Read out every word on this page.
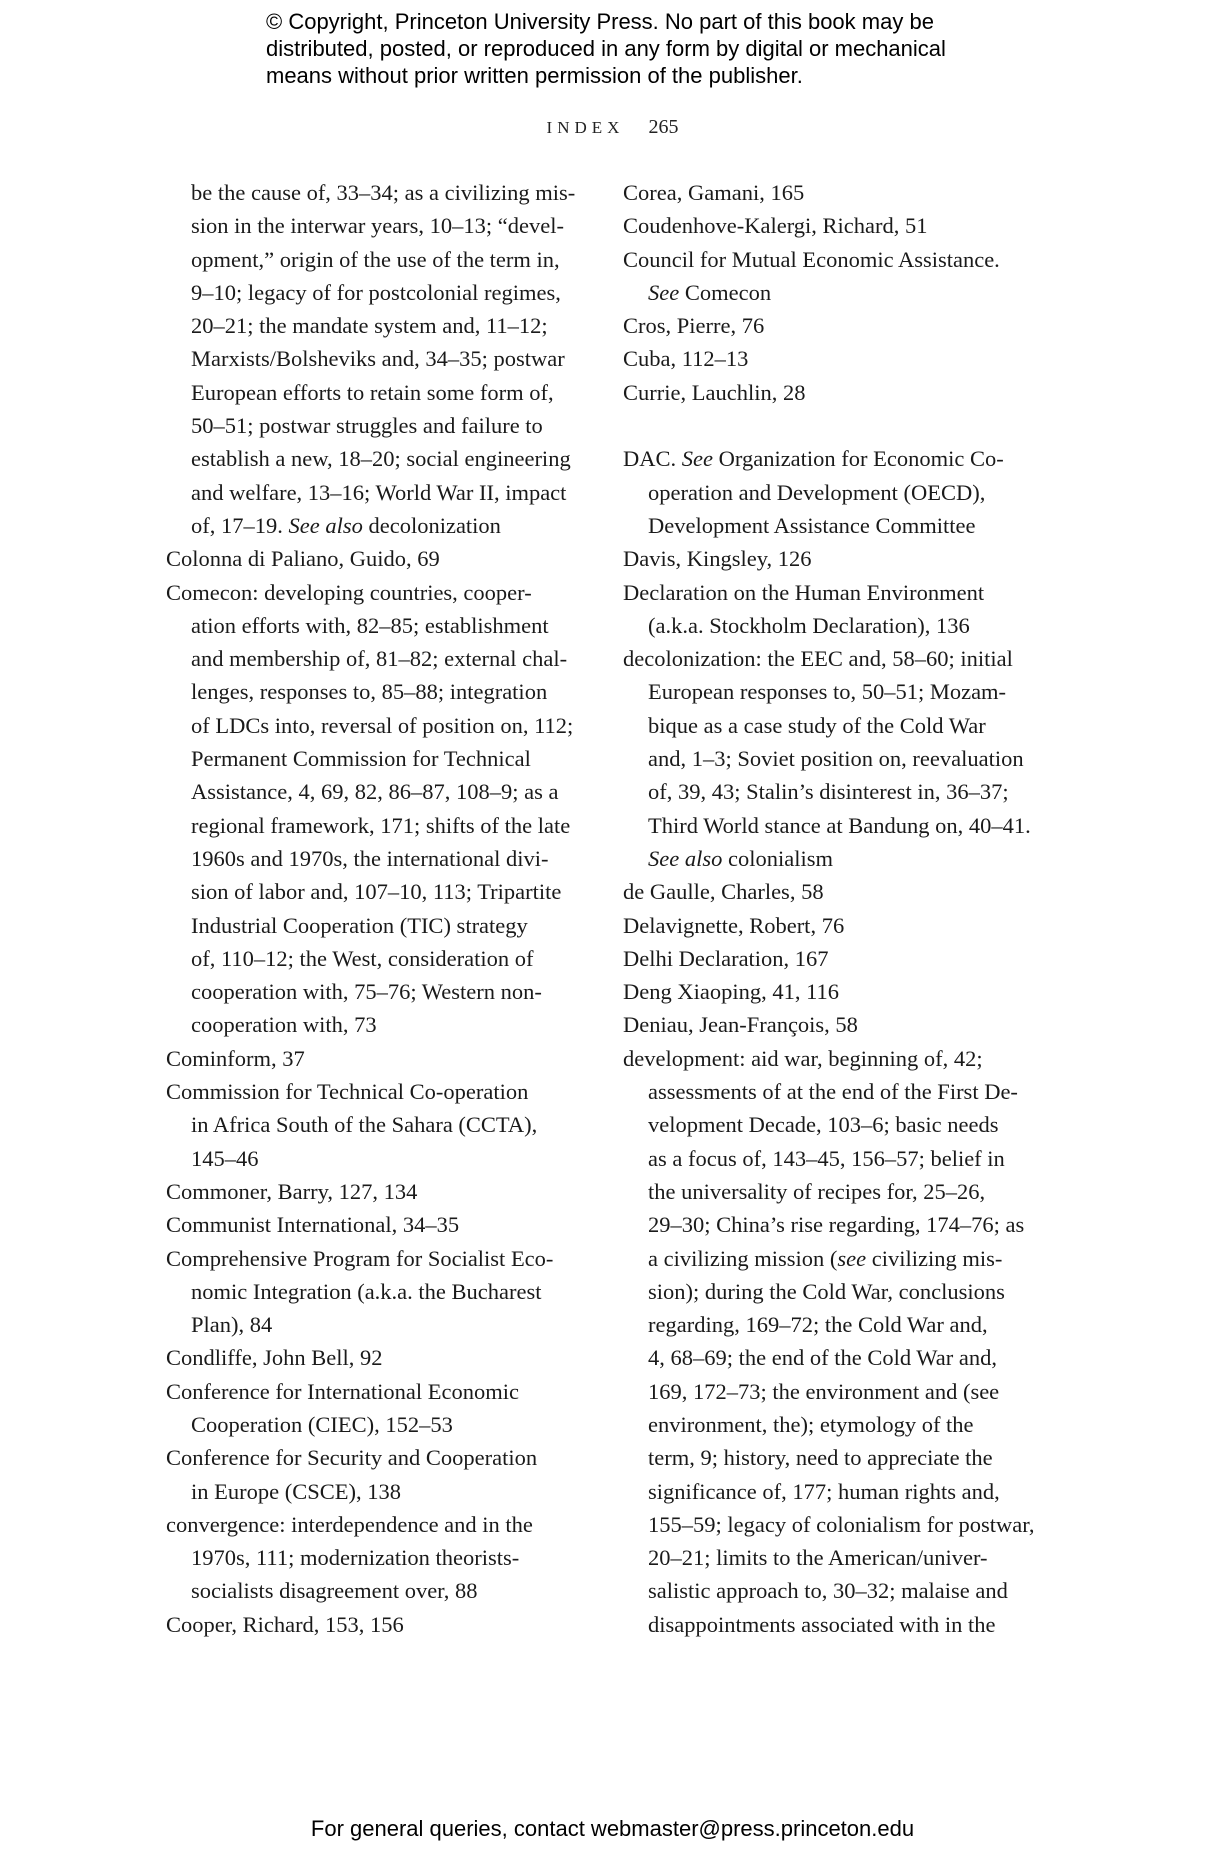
© Copyright, Princeton University Press. No part of this book may be
distributed, posted, or reproduced in any form by digital or mechanical
means without prior written permission of the publisher.
INDEX 265
be the cause of, 33–34; as a civilizing mis-
sion in the interwar years, 10–13; “devel-
opment,” origin of the use of the term in,
9–10; legacy of for postcolonial regimes,
20–21; the mandate system and, 11–12;
Marxists/Bolsheviks and, 34–35; postwar
European efforts to retain some form of,
50–51; postwar struggles and failure to
establish a new, 18–20; social engineering
and welfare, 13–16; World War II, impact
of, 17–19. See also decolonization
Colonna di Paliano, Guido, 69
Comecon: developing countries, cooper-
ation efforts with, 82–85; establishment
and membership of, 81–82; external chal-
lenges, responses to, 85–88; integration
of LDCs into, reversal of position on, 112;
Permanent Commission for Technical
Assistance, 4, 69, 82, 86–87, 108–9; as a
regional framework, 171; shifts of the late
1960s and 1970s, the international divi-
sion of labor and, 107–10, 113; Tripartite
Industrial Cooperation (TIC) strategy
of, 110–12; the West, consideration of
cooperation with, 75–76; Western non-
cooperation with, 73
Cominform, 37
Commission for Technical Co-operation
in Africa South of the Sahara (CCTA),
145–46
Commoner, Barry, 127, 134
Communist International, 34–35
Comprehensive Program for Socialist Eco-
nomic Integration (a.k.a. the Bucharest
Plan), 84
Condliffe, John Bell, 92
Conference for International Economic
Cooperation (CIEC), 152–53
Conference for Security and Cooperation
in Europe (CSCE), 138
convergence: interdependence and in the
1970s, 111; modernization theorists-
socialists disagreement over, 88
Cooper, Richard, 153, 156
Corea, Gamani, 165
Coudenhove-Kalergi, Richard, 51
Council for Mutual Economic Assistance.
See Comecon
Cros, Pierre, 76
Cuba, 112–13
Currie, Lauchlin, 28
DAC. See Organization for Economic Co-
operation and Development (OECD),
Development Assistance Committee
Davis, Kingsley, 126
Declaration on the Human Environment
(a.k.a. Stockholm Declaration), 136
decolonization: the EEC and, 58–60; initial
European responses to, 50–51; Mozam-
bique as a case study of the Cold War
and, 1–3; Soviet position on, reevaluation
of, 39, 43; Stalin’s disinterest in, 36–37;
Third World stance at Bandung on, 40–41.
See also colonialism
de Gaulle, Charles, 58
Delavignette, Robert, 76
Delhi Declaration, 167
Deng Xiaoping, 41, 116
Deniau, Jean-François, 58
development: aid war, beginning of, 42;
assessments of at the end of the First De-
velopment Decade, 103–6; basic needs
as a focus of, 143–45, 156–57; belief in
the universality of recipes for, 25–26,
29–30; China’s rise regarding, 174–76; as
a civilizing mission (see civilizing mis-
sion); during the Cold War, conclusions
regarding, 169–72; the Cold War and,
4, 68–69; the end of the Cold War and,
169, 172–73; the environment and (see
environment, the); etymology of the
term, 9; history, need to appreciate the
significance of, 177; human rights and,
155–59; legacy of colonialism for postwar,
20–21; limits to the American/univer-
salistic approach to, 30–32; malaise and
disappointments associated with in the
For general queries, contact webmaster@press.princeton.edu
